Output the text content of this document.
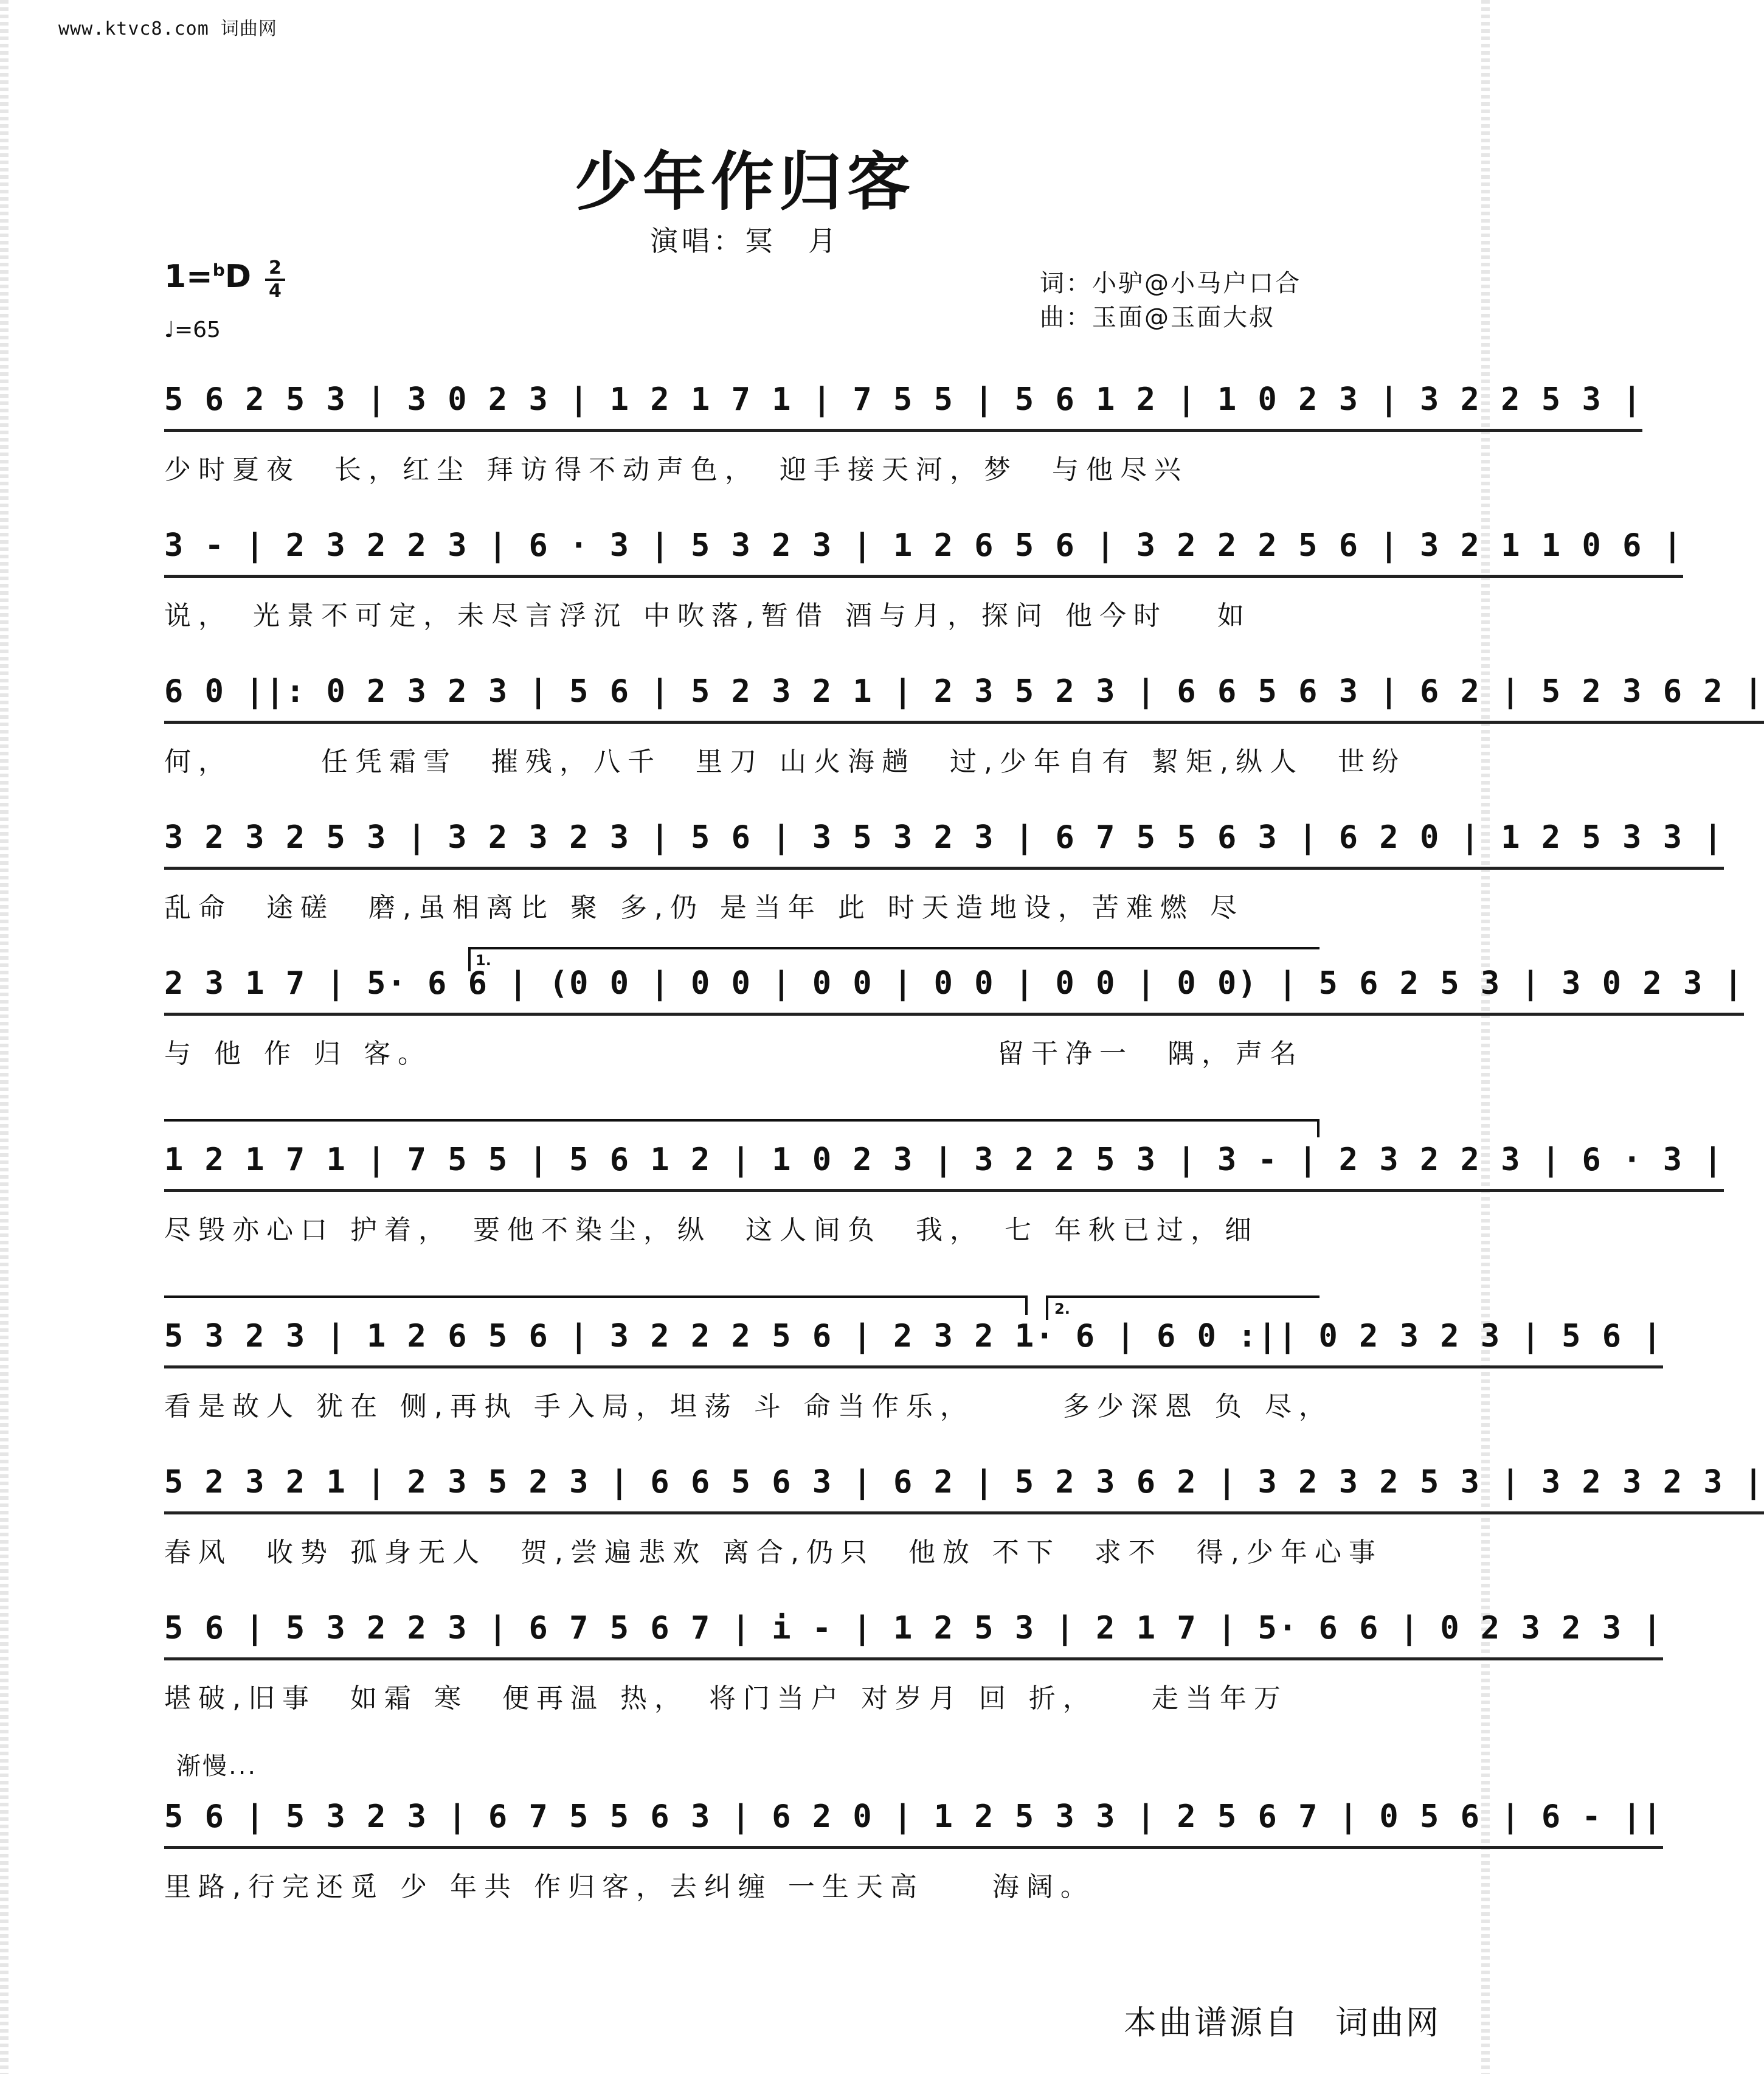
www.ktvc8.com 词曲网
少年作归客
演唱：冥　月
1=$^b$D 2
4
♩=65
词：小驴@小马户口合
曲：玉面@玉面大叔
5 6 2 5 3 | 3 0 2 3 | 1 2 1 7 1 | 7 5 5 | 5 6 1 2 | 1 0 2 3 | 3 2 2 5 3 |
少时夏夜　长，红尘 拜访得不动声色，　迎手接天河，梦　与他尽兴
3 - | 2 3 2 2 3 | 6 · 3 | 5 3 2 3 | 1 2 6 5 6 | 3 2 2 2 5 6 | 3 2 1 1 0 6 |
说，　光景不可定，未尽言浮沉 中吹落,暂借 酒与月，探问 他今时　 如
6 0 ||: 0 2 3 2 3 | 5 6 | 5 2 3 2 1 | 2 3 5 2 3 | 6 6 5 6 3 | 6 2 | 5 2 3 6 2 |
何，　　　任凭霜雪　摧残，八千　里刀 山火海趟　过,少年自有 絜矩,纵人　世纷
3 2 3 2 5 3 | 3 2 3 2 3 | 5 6 | 3 5 3 2 3 | 6 7 5 5 6 3 | 6 2 0 | 1 2 5 3 3 |
乱命　途磋　磨,虽相离比 聚 多,仍 是当年 此 时天造地设，苦难燃 尽
1.
2 3 1 7 | 5· 6 6 | (0 0 | 0 0 | 0 0 | 0 0 | 0 0 | 0 0) | 5 6 2 5 3 | 3 0 2 3 |
与 他 作 归 客。　　　　　　　　　　　　　　　　　留干净一　隅，声名
1 2 1 7 1 | 7 5 5 | 5 6 1 2 | 1 0 2 3 | 3 2 2 5 3 | 3 - | 2 3 2 2 3 | 6 · 3 |
尽毁亦心口 护着，　要他不染尘，纵　这人间负　我，　七 年秋已过，细
2.
5 3 2 3 | 1 2 6 5 6 | 3 2 2 2 5 6 | 2 3 2 1· 6 | 6 0 :|| 0 2 3 2 3 | 5 6 |
看是故人 犹在 侧,再执 手入局，坦荡 斗 命当作乐，　　　多少深恩 负 尽，
5 2 3 2 1 | 2 3 5 2 3 | 6 6 5 6 3 | 6 2 | 5 2 3 6 2 | 3 2 3 2 5 3 | 3 2 3 2 3 |
春风　收势 孤身无人　贺,尝遍悲欢 离合,仍只　他放 不下　求不　得,少年心事
5 6 | 5 3 2 2 3 | 6 7 5 6 7 | i - | 1 2 5 3 | 2 1 7 | 5· 6 6 | 0 2 3 2 3 |
堪破,旧事　如霜 寒　便再温 热，　将门当户 对岁月 回 折，　　走当年万
渐慢...
5 6 | 5 3 2 3 | 6 7 5 5 6 3 | 6 2 0 | 1 2 5 3 3 | 2 5 6 7 | 0 5 6 | 6 - ||
里路,行完还觅 少 年共 作归客，去纠缠 一生天高　　海阔。
本曲谱源自　词曲网
